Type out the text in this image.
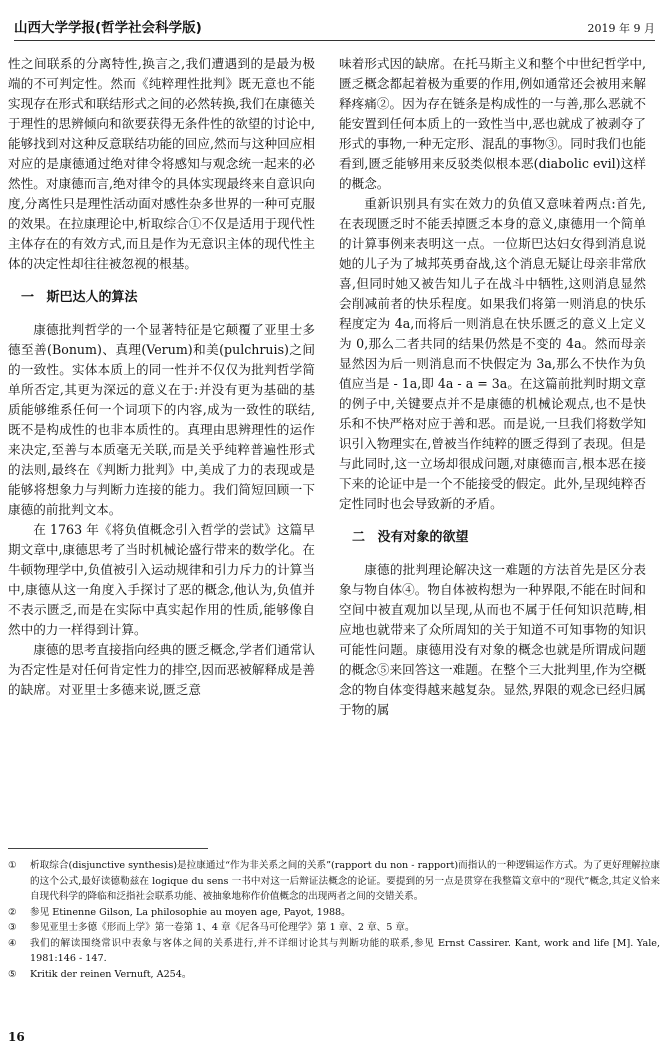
山西大学学报(哲学社会科学版)	2019 年 9 月

性之间联系的分离特性,换言之,我们遭遇到的是最为极端的不可判定性。然而《纯粹理性批判》既无意也不能实现存在形式和联结形式之间的必然转换,我们在康德关于理性的思辨倾向和欲要获得无条件性的欲望的讨论中,能够找到对这种反意联结功能的回应,然而与这种回应相对应的是康德通过绝对律令将感知与观念统一起来的必然性。对康德而言,绝对律令的具体实现最终来自意识向度,分离性只是理性活动面对感性杂多世界的一种可克服的效果。在拉康理论中,析取综合①不仅是适用于现代性主体存在的有效方式,而且是作为无意识主体的现代性主体的决定性却往往被忽视的根基。

一 斯巴达人的算法

康德批判哲学的一个显著特征是它颠覆了亚里士多德至善(Bonum)、真理(Verum)和美(pulchruis)之间的一致性。实体本质上的同一性并不仅仅为批判哲学简单所否定,其更为深远的意义在于:并没有更为基础的基质能够维系任何一个词项下的内容,成为一致性的联结,既不是构成性的也非本质性的。真理由思辨理性的运作来决定,至善与本质毫无关联,而是关乎纯粹普遍性形式的法则,最终在《判断力批判》中,美成了力的表现或是能够将想象力与判断力连接的能力。我们简短回顾一下康德的前批判文本。

在 1763 年《将负值概念引入哲学的尝试》这篇早期文章中,康德思考了当时机械论盛行带来的数学化。在牛顿物理学中,负值被引入运动规律和引力斥力的计算当中,康德从这一角度入手探讨了恶的概念,他认为,负值并不表示匮乏,而是在实际中真实起作用的性质,能够像自然中的力一样得到计算。

康德的思考直接指向经典的匮乏概念,学者们通常认为否定性是对任何肯定性力的排空,因而恶被解释成是善的缺席。对亚里士多德来说,匮乏意

味着形式因的缺席。在托马斯主义和整个中世纪哲学中,匮乏概念都起着极为重要的作用,例如通常还会被用来解释疼痛②。因为存在链条是构成性的一与善,那么恶就不能安置到任何本质上的一致性当中,恶也就成了被剥夺了形式的事物,一种无定形、混乱的事物③。同时我们也能看到,匮乏能够用来反驳类似根本恶(diabolic evil)这样的概念。

重新识别具有实在效力的负值又意味着两点:首先,在表现匮乏时不能丢掉匮乏本身的意义,康德用一个简单的计算事例来表明这一点。一位斯巴达妇女得到消息说她的儿子为了城邦英勇奋战,这个消息无疑让母亲非常欣喜,但同时她又被告知儿子在战斗中牺牲,这则消息显然会削减前者的快乐程度。如果我们将第一则消息的快乐程度定为 4a,而将后一则消息在快乐匮乏的意义上定义为 0,那么二者共同的结果仍然是不变的 4a。然而母亲显然因为后一则消息而不快假定为 3a,那么不快作为负值应当是 - 1a,即 4a - a = 3a。在这篇前批判时期文章的例子中,关键要点并不是康德的机械论观点,也不是快乐和不快严格对应于善和恶。而是说,一旦我们将数学知识引入物理实在,曾被当作纯粹的匮乏得到了表现。但是与此同时,这一立场却很成问题,对康德而言,根本恶在接下来的论证中是一个不能接受的假定。此外,呈现纯粹否定性同时也会导致新的矛盾。

二 没有对象的欲望

康德的批判理论解决这一难题的方法首先是区分表象与物自体④。物自体被构想为一种界限,不能在时间和空间中被直观加以呈现,从而也不属于任何知识范畴,相应地也就带来了众所周知的关于知道不可知事物的知识可能性问题。康德用没有对象的概念也就是所谓成问题的概念⑤来回答这一难题。在整个三大批判里,作为空概念的物自体变得越来越复杂。显然,界限的观念已经归属于物的属

①	析取综合(disjunctive synthesis)是拉康通过“作为非关系之间的关系”(rapport du non - rapport)而指认的一种逻辑运作方式。为了更好理解拉康的这个公式,最好读德勒兹在 logique du sens 一书中对这一后辩证法概念的论证。要提到的另一点是贯穿在我整篇文章中的“现代”概念,其定义恰来自现代科学的降临和泛指社会联系功能、被抽象地称作价值概念的出现两者之间的交错关系。
②	参见 Etinenne Gilson, La philosophie au moyen age, Payot, 1988。
③	参见亚里士多德《形而上学》第一卷第 1、4 章《尼各马可伦理学》第 1 章、2 章、5 章。
④	我们的解读围绕常识中表象与客体之间的关系进行,并不详细讨论其与判断功能的联系,参见 Ernst Cassirer. Kant, work and life [M]. Yale, 1981:146 - 147.
⑤	Kritik der reinen Vernuft, A254。
16
